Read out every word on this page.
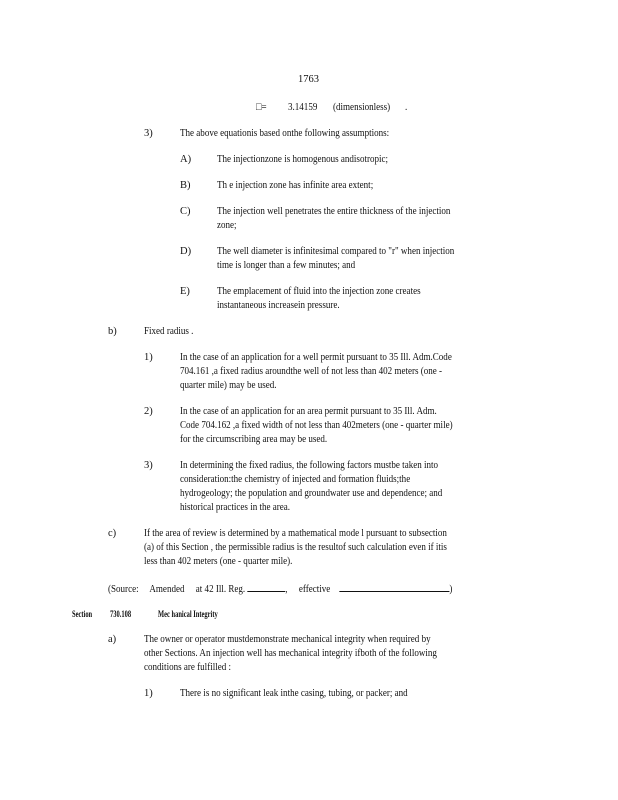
1763
□= 3.14159 (dimensionless) .
3)	The above equationis based onthe following assumptions:
A) The injectionzone is homogenous andisotropic;
B)	Th e injection zone has infinite area extent;
C)	The injection well penetrates the entire thickness of the injection
zone;
D) The well diameter is infinitesimal compared to "r" when injection
time is longer than a few minutes; and
E)	The emplacement of fluid into the injection zone creates
instantaneous increasein pressure.
b)	Fixed radius .
1)	In the case of an application for a well permit pursuant to 35 Ill. Adm.Code
704.161 ,a fixed radius aroundthe well of not less than 402 meters (one -
quarter mile) may be used.
2)	In the case of an application for an area permit pursuant to 35 Ill. Adm.
Code 704.162 ,a fixed width of not less than 402meters (one - quarter mile)
for the circumscribing area may be used.
3)	In determining the fixed radius, the following factors mustbe taken into
consideration:the chemistry of injected and formation fluids;the
hydrogeology; the population and groundwater use and dependence; and
historical practices in the area.
c)	If the area of review is determined by a mathematical mode l pursuant to subsection
(a) of this Section , the permissible radius is the resultof such calculation even if itis
less than 402 meters (one - quarter mile).
(Source: Amended at 42 Ill. Reg.	, effective	)
Section 730.108	Mec hanical Integrity
a)	The owner or operator mustdemonstrate mechanical integrity when required by
other Sections. An injection well has mechanical integrity ifboth of the following
conditions are fulfilled :
1)	There is no significant leak inthe casing, tubing, or packer; and
